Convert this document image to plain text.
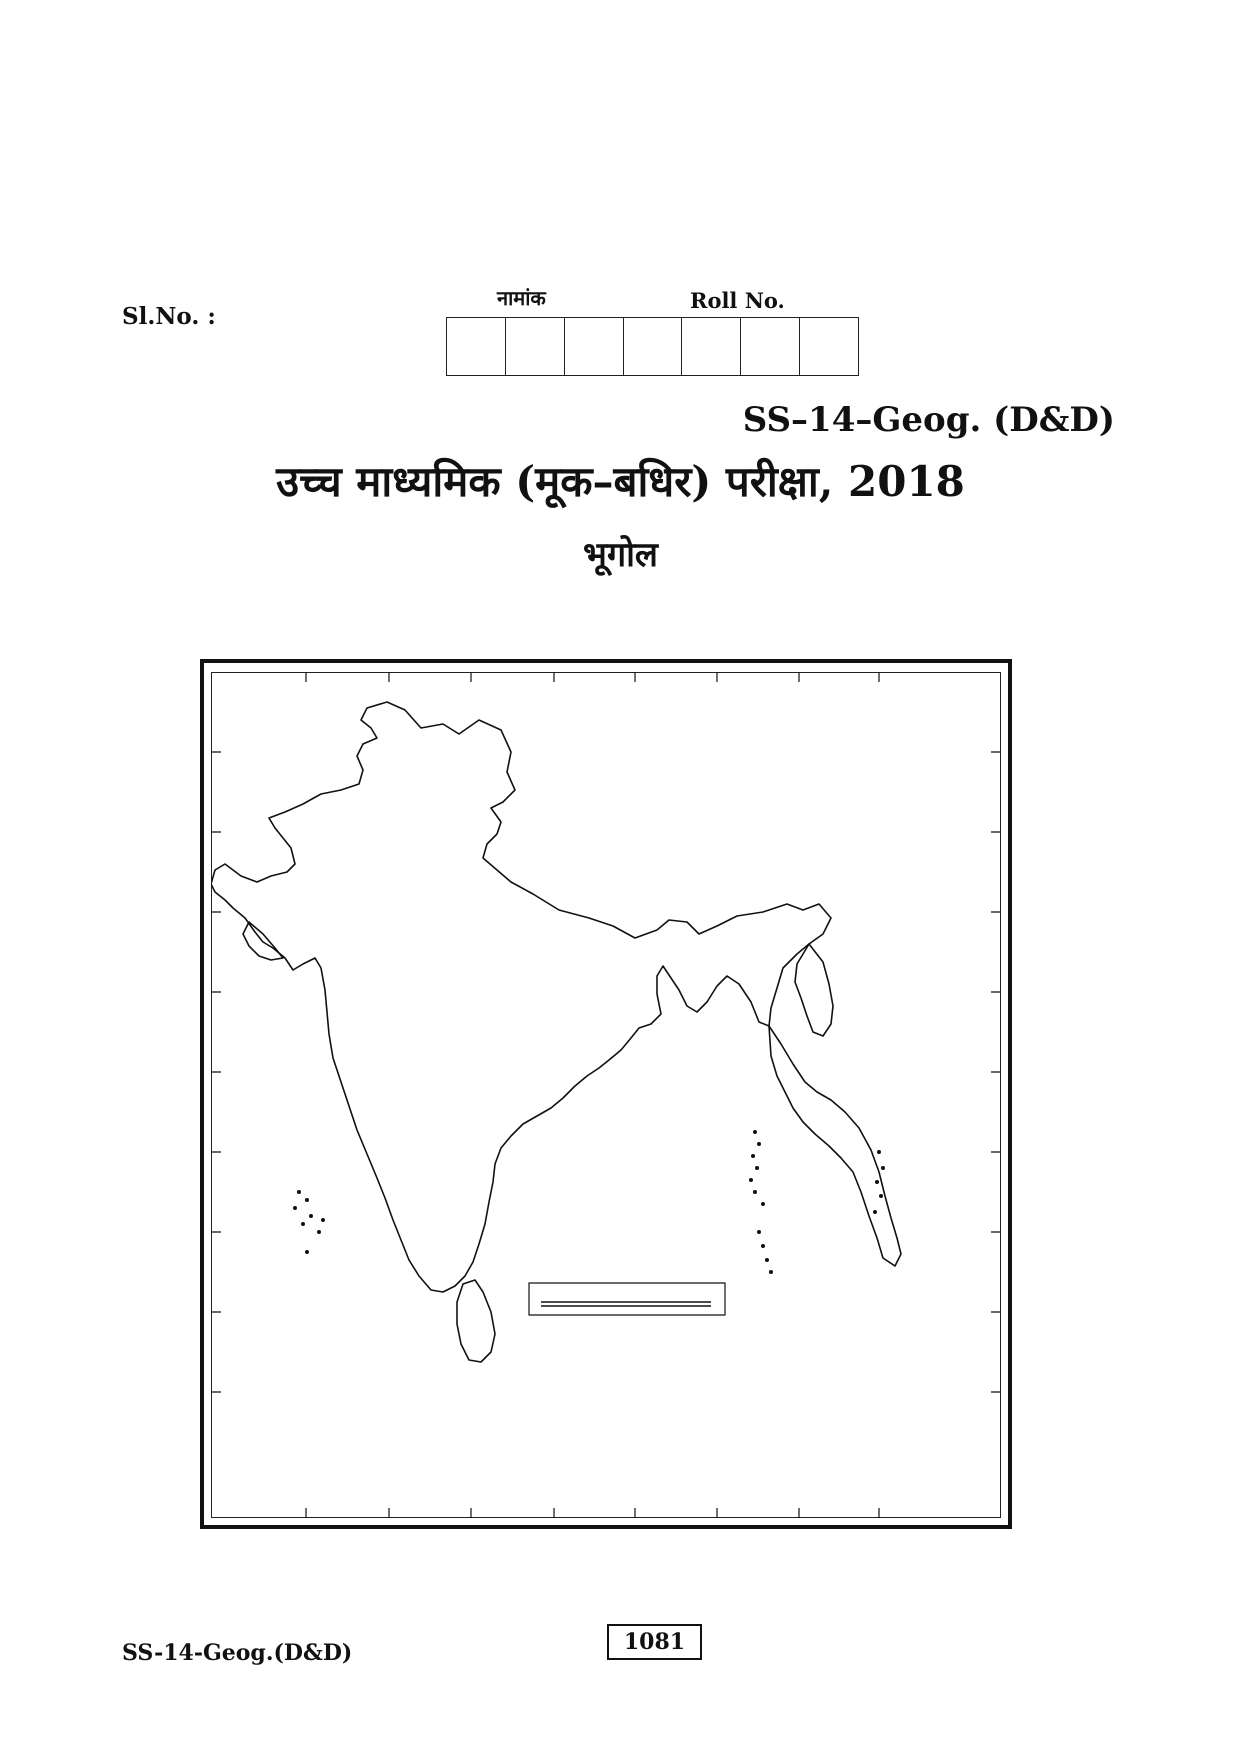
Sl.No. :
नामांक	Roll No.
SS–14–Geog. (D&D)
उच्च माध्यमिक (मूक–बधिर) परीक्षा, 2018
भूगोल
SS-14-Geog.(D&D)	1081
